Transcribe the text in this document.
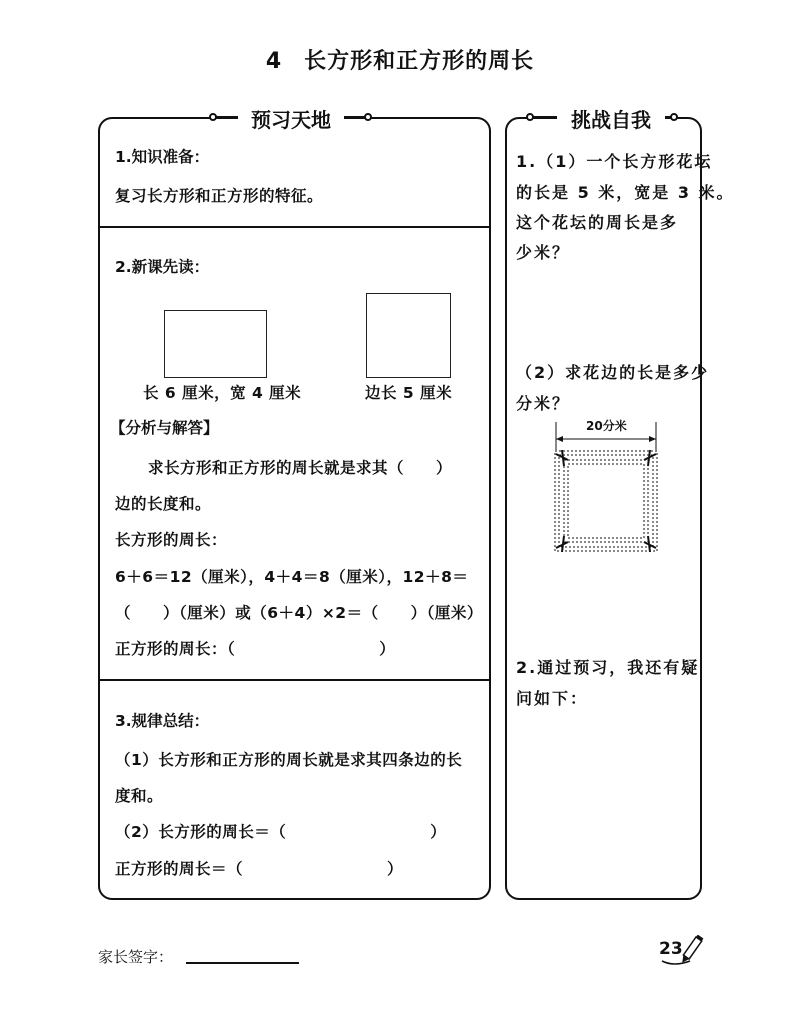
4 长方形和正方形的周长
预习天地
1.知识准备：
复习长方形和正方形的特征。
2.新课先读：
长 6 厘米，宽 4 厘米	边长 5 厘米
【分析与解答】
求长方形和正方形的周长就是求其（　　）
边的长度和。
长方形的周长：
6＋6＝12（厘米），4＋4＝8（厘米），12＋8＝
（　　）（厘米）或（6＋4）×2＝（　　）（厘米）
正方形的周长：（　　　　　　　　　）
3.规律总结：
（1）长方形和正方形的周长就是求其四条边的长
度和。
（2）长方形的周长＝（　　　　　　　　　）
正方形的周长＝（　　　　　　　　　）
挑战自我
1.（1）一个长方形花坛
的长是 5 米，宽是 3 米。
这个花坛的周长是多
少米？
（2）求花边的长是多少
分米？
20分米
2.通过预习，我还有疑
问如下：
家长签字：	23
